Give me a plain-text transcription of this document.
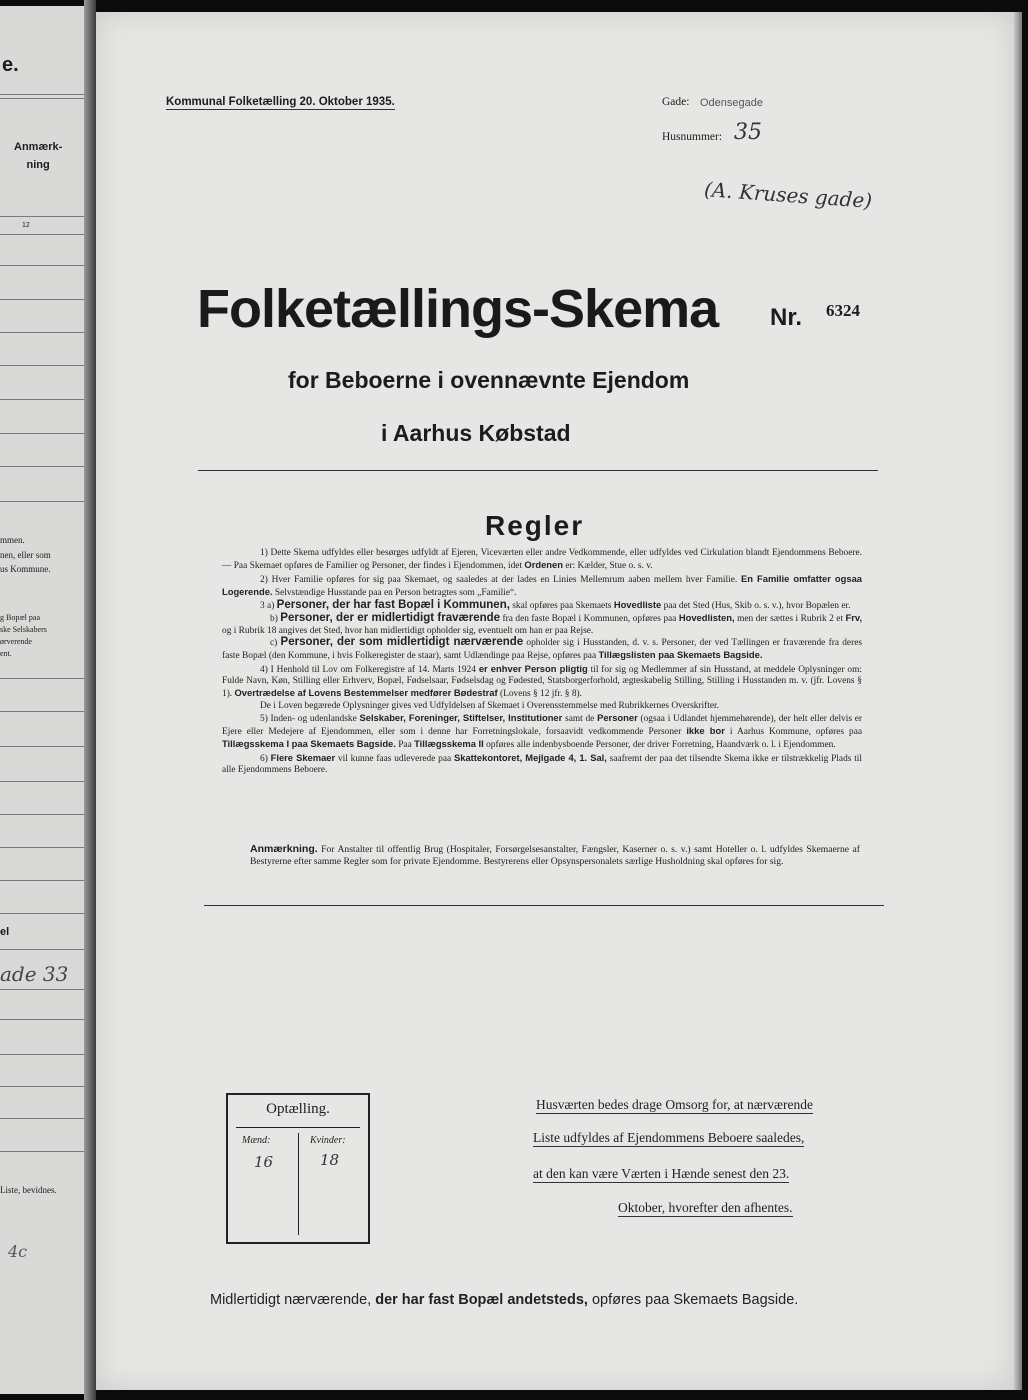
e.
Anmærk-
ning
12
mmen.
nen, eller som
us Kommune.
g Bopæl paa
ske Selskabers
ørverende
ent.
el
ade 33
Liste, bevidnes.
4c
Kommunal Folketælling 20. Oktober 1935.	Gade: Odensegade
Husnummer: 35
(A. Kruses gade)
Folketællings-Skema Nr. 6324
for Beboerne i ovennævnte Ejendom
i Aarhus Købstad
Regler

1) Dette Skema udfyldes eller besørges udfyldt af Ejeren, Viceværten eller andre Vedkommende, eller udfyldes ved Cirkulation blandt Ejendommens Beboere. — Paa Skemaet opføres de Familier og Personer, der findes i Ejendommen, idet Ordenen er: Kælder, Stue o. s. v.

2) Hver Familie opføres for sig paa Skemaet, og saaledes at der lades en Linies Mellemrum aaben mellem hver Familie. En Familie omfatter ogsaa Logerende. Selvstændige Husstande paa en Person betragtes som „Familie“.

3 a) Personer, der har fast Bopæl i Kommunen, skal opføres paa Skemaets Hovedliste paa det Sted (Hus, Skib o. s. v.), hvor Bopælen er.

b) Personer, der er midlertidigt fraværende fra den faste Bopæl i Kommunen, opføres paa Hovedlisten, men der sættes i Rubrik 2 et Frv, og i Rubrik 18 angives det Sted, hvor han midlertidigt opholder sig, eventuelt om han er paa Rejse.

c) Personer, der som midlertidigt nærværende opholder sig i Husstanden, d. v. s. Personer, der ved Tællingen er fraværende fra deres faste Bopæl (den Kommune, i hvis Folkeregister de staar), samt Udlændinge paa Rejse, opføres paa Tillægslisten paa Skemaets Bagside.

4) I Henhold til Lov om Folkeregistre af 14. Marts 1924 er enhver Person pligtig til for sig og Medlemmer af sin Husstand, at meddele Oplysninger om: Fulde Navn, Køn, Stilling eller Erhverv, Bopæl, Fødselsaar, Fødselsdag og Fødested, Statsborgerforhold, ægteskabelig Stilling, Stilling i Husstanden m. v. (jfr. Lovens § 1). Overtrædelse af Lovens Bestemmelser medfører Bødestraf (Lovens § 12 jfr. § 8).

De i Loven begærede Oplysninger gives ved Udfyldelsen af Skemaet i Overensstemmelse med Rubrikkernes Overskrifter.

5) Inden- og udenlandske Selskaber, Foreninger, Stiftelser, Institutioner samt de Personer (ogsaa i Udlandet hjemmehørende), der helt eller delvis er Ejere eller Medejere af Ejendommen, eller som i denne har Forretningslokale, forsaavidt vedkommende Personer ikke bor i Aarhus Kommune, opføres paa Tillægsskema I paa Skemaets Bagside. Paa Tillægsskema II opføres alle indenbysboende Personer, der driver Forretning, Haandværk o. l. i Ejendommen.

6) Flere Skemaer vil kunne faas udleverede paa Skattekontoret, Mejlgade 4, 1. Sal, saafremt der paa det tilsendte Skema ikke er tilstrækkelig Plads til alle Ejendommens Beboere.

Anmærkning. For Anstalter til offentlig Brug (Hospitaler, Forsørgelsesanstalter, Fængsler, Kaserner o. s. v.) samt Hoteller o. l. udfyldes Skemaerne af Bestyrerne efter samme Regler som for private Ejendomme. Bestyrerens eller Opsynspersonalets særlige Husholdning skal opføres for sig.
Optælling.
Mænd:	Kvinder:
16	18
Husværten bedes drage Omsorg for, at nærværende
Liste udfyldes af Ejendommens Beboere saaledes,
at den kan være Værten i Hænde senest den 23.
Oktober, hvorefter den afhentes.
Midlertidigt nærværende, der har fast Bopæl andetsteds, opføres paa Skemaets Bagside.
